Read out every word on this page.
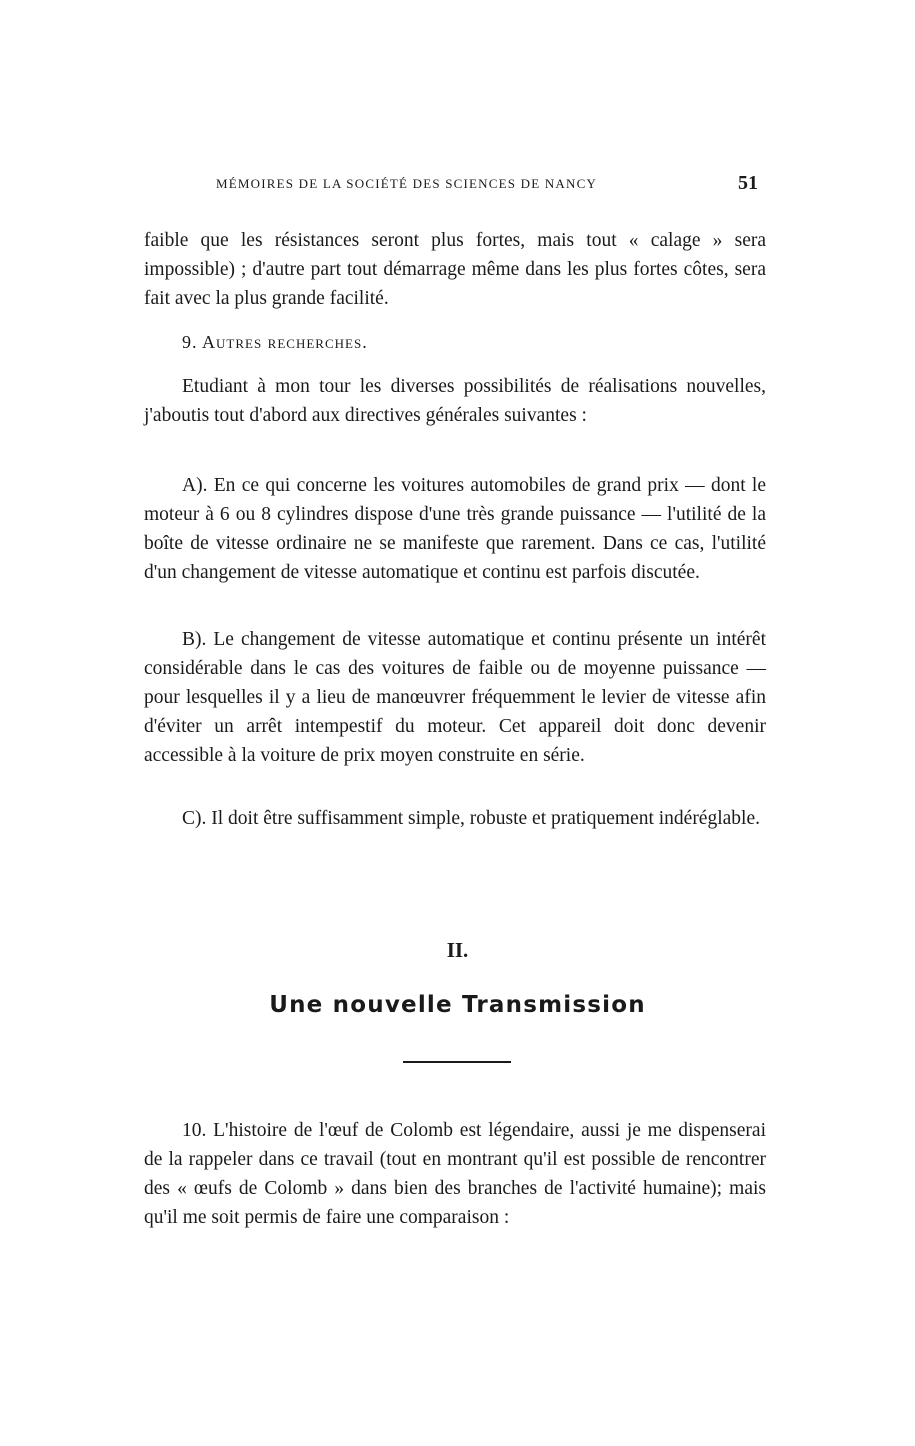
MÉMOIRES DE LA SOCIÉTÉ DES SCIENCES DE NANCY	51

faible que les résistances seront plus fortes, mais tout « calage » sera impossible) ; d'autre part tout démarrage même dans les plus fortes côtes, sera fait avec la plus grande facilité.

9. Autres recherches.

Etudiant à mon tour les diverses possibilités de réalisations nouvelles, j'aboutis tout d'abord aux directives générales suivantes :

A). En ce qui concerne les voitures automobiles de grand prix — dont le moteur à 6 ou 8 cylindres dispose d'une très grande puissance — l'utilité de la boîte de vitesse ordinaire ne se manifeste que rarement. Dans ce cas, l'utilité d'un changement de vitesse automatique et continu est parfois discutée.

B). Le changement de vitesse automatique et continu présente un intérêt considérable dans le cas des voitures de faible ou de moyenne puissance — pour lesquelles il y a lieu de manœuvrer fréquemment le levier de vitesse afin d'éviter un arrêt intempestif du moteur. Cet appareil doit donc devenir accessible à la voiture de prix moyen construite en série.

C). Il doit être suffisamment simple, robuste et pratiquement indéréglable.

II.
Une nouvelle Transmission

10. L'histoire de l'œuf de Colomb est légendaire, aussi je me dispenserai de la rappeler dans ce travail (tout en montrant qu'il est possible de rencontrer des « œufs de Colomb » dans bien des branches de l'activité humaine); mais qu'il me soit permis de faire une comparaison :
